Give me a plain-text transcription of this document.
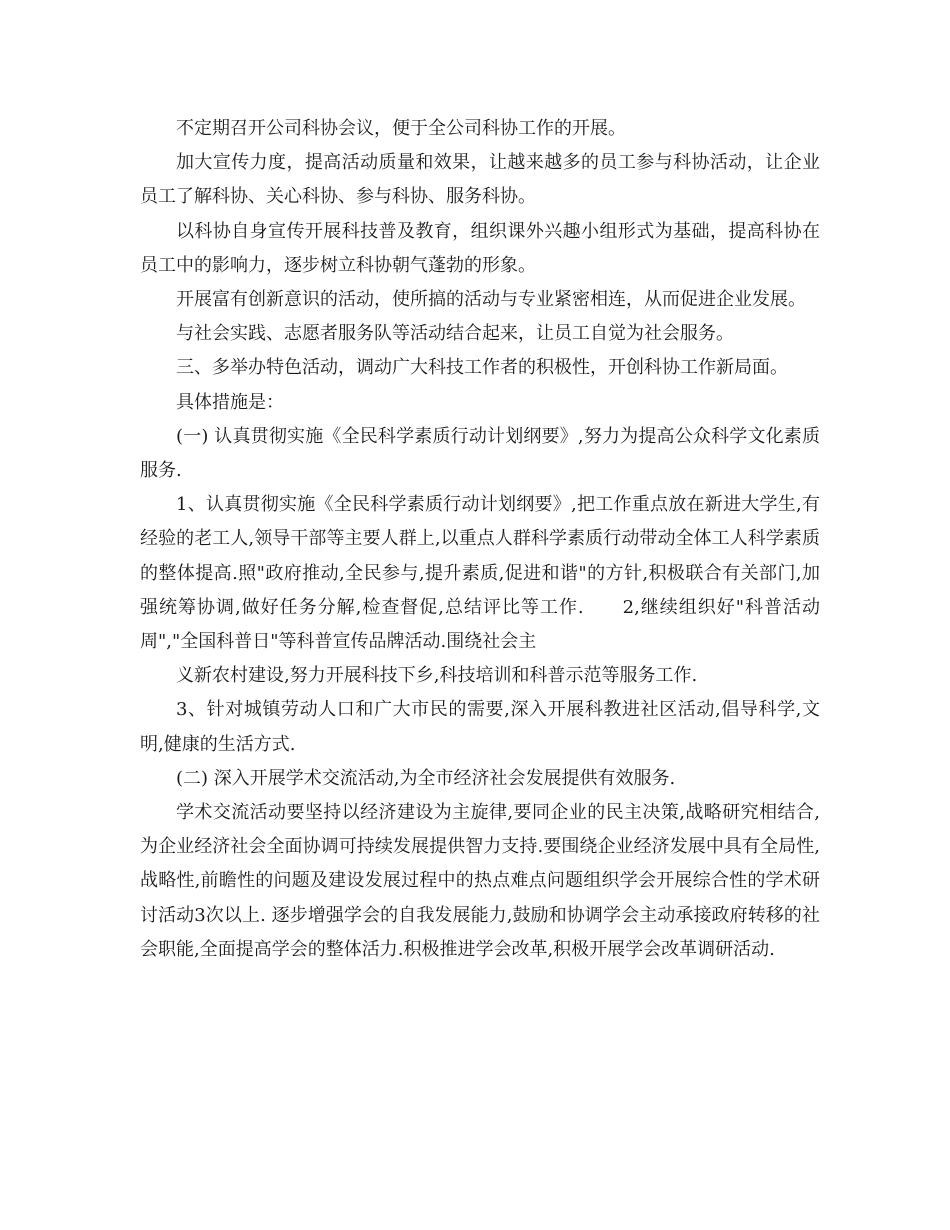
不定期召开公司科协会议，便于全公司科协工作的开展。

加大宣传力度，提高活动质量和效果，让越来越多的员工参与科协活动，让企业员工了解科协、关心科协、参与科协、服务科协。

以科协自身宣传开展科技普及教育，组织课外兴趣小组形式为基础，提高科协在员工中的影响力，逐步树立科协朝气蓬勃的形象。

开展富有创新意识的活动，使所搞的活动与专业紧密相连，从而促进企业发展。

与社会实践、志愿者服务队等活动结合起来，让员工自觉为社会服务。

三、多举办特色活动，调动广大科技工作者的积极性，开创科协工作新局面。

具体措施是：

(一) 认真贯彻实施《全民科学素质行动计划纲要》,努力为提高公众科学文化素质服务.

1、认真贯彻实施《全民科学素质行动计划纲要》,把工作重点放在新进大学生,有经验的老工人,领导干部等主要人群上,以重点人群科学素质行动带动全体工人科学素质的整体提高.照"政府推动,全民参与,提升素质,促进和谐"的方针,积极联合有关部门,加强统筹协调,做好任务分解,检查督促,总结评比等工作.　　2,继续组织好"科普活动周","全国科普日"等科普宣传品牌活动.围绕社会主

义新农村建设,努力开展科技下乡,科技培训和科普示范等服务工作.

3、针对城镇劳动人口和广大市民的需要,深入开展科教进社区活动,倡导科学,文明,健康的生活方式.

(二) 深入开展学术交流活动,为全市经济社会发展提供有效服务.

学术交流活动要坚持以经济建设为主旋律,要同企业的民主决策,战略研究相结合,为企业经济社会全面协调可持续发展提供智力支持.要围绕企业经济发展中具有全局性,战略性,前瞻性的问题及建设发展过程中的热点难点问题组织学会开展综合性的学术研讨活动3次以上. 逐步增强学会的自我发展能力,鼓励和协调学会主动承接政府转移的社会职能,全面提高学会的整体活力.积极推进学会改革,积极开展学会改革调研活动.
